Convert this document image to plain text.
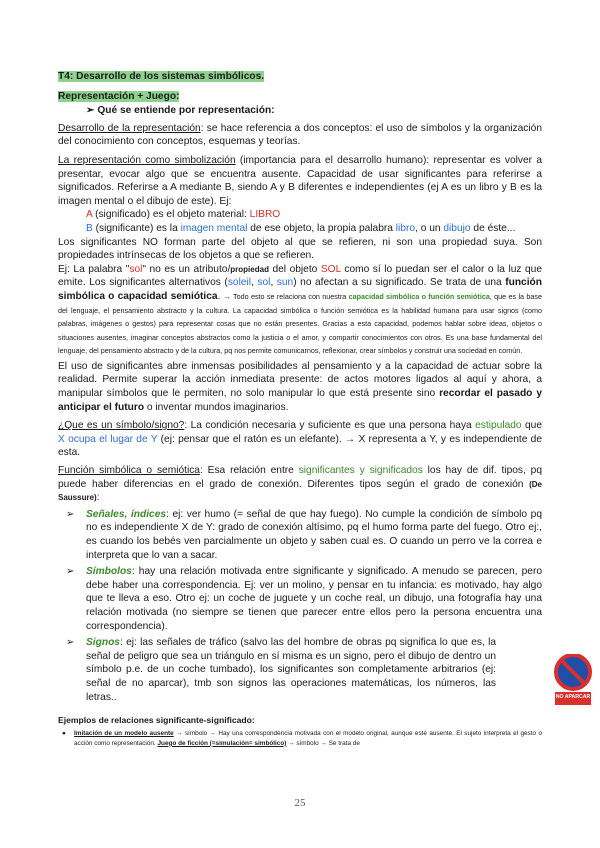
T4: Desarrollo de los sistemas simbólicos.
Representación + Juego:
➢ Qué se entiende por representación:

Desarrollo de la representación: se hace referencia a dos conceptos: el uso de símbolos y la organización del conocimiento con conceptos, esquemas y teorías.

La representación como simbolización (importancia para el desarrollo humano): representar es volver a presentar, evocar algo que se encuentra ausente. Capacidad de usar significantes para referirse a significados. Referirse a A mediante B, siendo A y B diferentes e independientes (ej A es un libro y B es la imagen mental o el dibujo de este). Ej:

A (significado) es el objeto material: LIBRO
B (significante) es la imagen mental de ese objeto, la propia palabra libro, o un dibujo de éste...

Los significantes NO forman parte del objeto al que se refieren, ni son una propiedad suya. Son propiedades intrínsecas de los objetos a que se refieren.

Ej: La palabra "sol" no es un atributo/propiedad del objeto SOL como sí lo puedan ser el calor o la luz que emite. Los significantes alternativos (soleil, sol, sun) no afectan a su significado. Se trata de una función simbólica o capacidad semiótica. → Todo esto se relaciona con nuestra capacidad simbólica o función semiótica, que es la base del lenguaje, el pensamiento abstracto y la cultura. La capacidad simbólica o función semiótica es la habilidad humana para usar signos (como palabras, imágenes o gestos) para representar cosas que no están presentes. Gracias a esta capacidad, podemos hablar sobre ideas, objetos o situaciones ausentes, imaginar conceptos abstractos como la justicia o el amor, y compartir conocimientos con otros. Es una base fundamental del lenguaje, del pensamiento abstracto y de la cultura, pq nos permite comunicarnos, reflexionar, crear símbolos y construir una sociedad en común.

El uso de significantes abre inmensas posibilidades al pensamiento y a la capacidad de actuar sobre la realidad. Permite superar la acción inmediata presente: de actos motores ligados al aquí y ahora, a manipular símbolos que le permiten, no solo manipular lo que está presente sino recordar el pasado y anticipar el futuro o inventar mundos imaginarios.

¿Que es un símbolo/signo?: La condición necesaria y suficiente es que una persona haya estipulado que X ocupa el lugar de Y (ej: pensar que el ratón es un elefante). → X representa a Y, y es independiente de esta.

Función simbólica o semiótica: Esa relación entre significantes y significados los hay de dif. tipos, pq puede haber diferencias en el grado de conexión. Diferentes tipos según el grado de conexión (De Saussure):

➢ Señales, índices: ej: ver humo (= señal de que hay fuego). No cumple la condición de símbolo pq no es independiente X de Y: grado de conexión altísimo, pq el humo forma parte del fuego. Otro ej:, es cuando los bebés ven parcialmente un objeto y saben cual es. O cuando un perro ve la correa e interpreta que lo van a sacar.

➢ Símbolos: hay una relación motivada entre significante y significado. A menudo se parecen, pero debe haber una correspondencia. Ej: ver un molino, y pensar en tu infancia: es motivado, hay algo que te lleva a eso. Otro ej: un coche de juguete y un coche real, un dibujo, una fotografía hay una relación motivada (no siempre se tienen que parecer entre ellos pero la persona encuentra una correspondencia).

➢ Signos: ej: las señales de tráfico (salvo las del hombre de obras pq significa lo que es, la señal de peligro que sea un triángulo en sí misma es un signo, pero el dibujo de dentro un símbolo p.e. de un coche tumbado), los significantes son completamente arbitrarios (ej: señal de no aparcar), tmb son signos las operaciones matemáticas, los números, las letras..

Ejemplos de relaciones significante-significado:

● Imitación de un modelo ausente → símbolo → Hay una correspondencia motivada con el modelo original, aunque esté ausente. El sujeto interpreta el gesto o acción como representación. Juego de ficción (=simulación= simbólico) → símbolo → Se trata de

NO APARCAR
25
